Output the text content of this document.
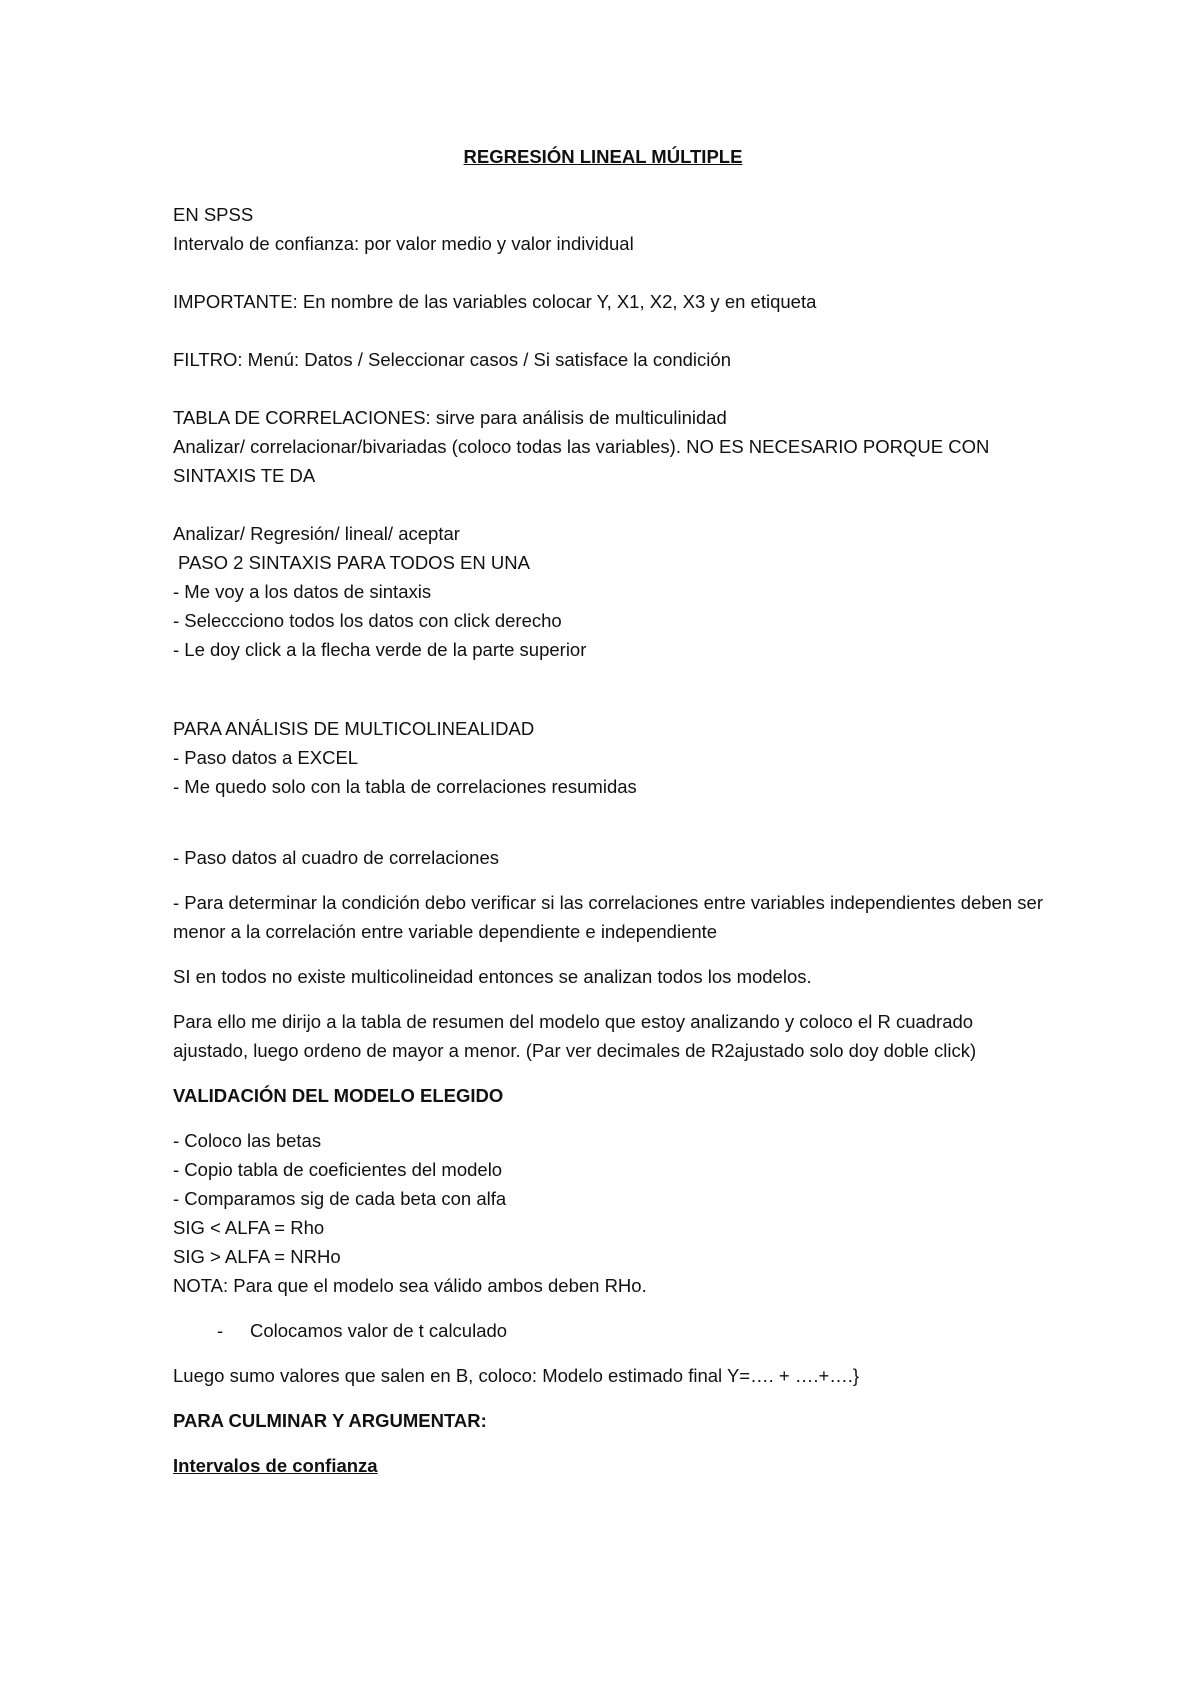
REGRESIÓN LINEAL MÚLTIPLE

EN SPSS

Intervalo de confianza: por valor medio y valor individual

IMPORTANTE: En nombre de las variables colocar Y, X1, X2, X3 y en etiqueta

FILTRO: Menú: Datos / Seleccionar casos / Si satisface la condición

TABLA DE CORRELACIONES: sirve para análisis de multiculinidad

Analizar/ correlacionar/bivariadas (coloco todas las variables). NO ES NECESARIO PORQUE CON SINTAXIS TE DA

Analizar/ Regresión/ lineal/ aceptar

PASO 2 SINTAXIS PARA TODOS EN UNA

- Me voy a los datos de sintaxis

- Seleccciono todos los datos con click derecho

- Le doy click a la flecha verde de la parte superior

PARA ANÁLISIS DE MULTICOLINEALIDAD

- Paso datos a EXCEL

- Me quedo solo con la tabla de correlaciones resumidas

- Paso datos al cuadro de correlaciones

- Para determinar la condición debo verificar si las correlaciones entre variables independientes deben ser menor a la correlación entre variable dependiente e independiente

SI en todos no existe multicolineidad entonces se analizan todos los modelos.

Para ello me dirijo a la tabla de resumen del modelo que estoy analizando y coloco el R cuadrado ajustado, luego ordeno de mayor a menor. (Par ver decimales de R2ajustado solo doy doble click)

VALIDACIÓN DEL MODELO ELEGIDO

- Coloco las betas

- Copio tabla de coeficientes del modelo

- Comparamos sig de cada beta con alfa

SIG < ALFA = Rho

SIG > ALFA = NRHo

NOTA: Para que el modelo sea válido ambos deben RHo.

- Colocamos valor de t calculado

Luego sumo valores que salen en B, coloco: Modelo estimado final Y=…. + ….+….}

PARA CULMINAR Y ARGUMENTAR:

Intervalos de confianza
